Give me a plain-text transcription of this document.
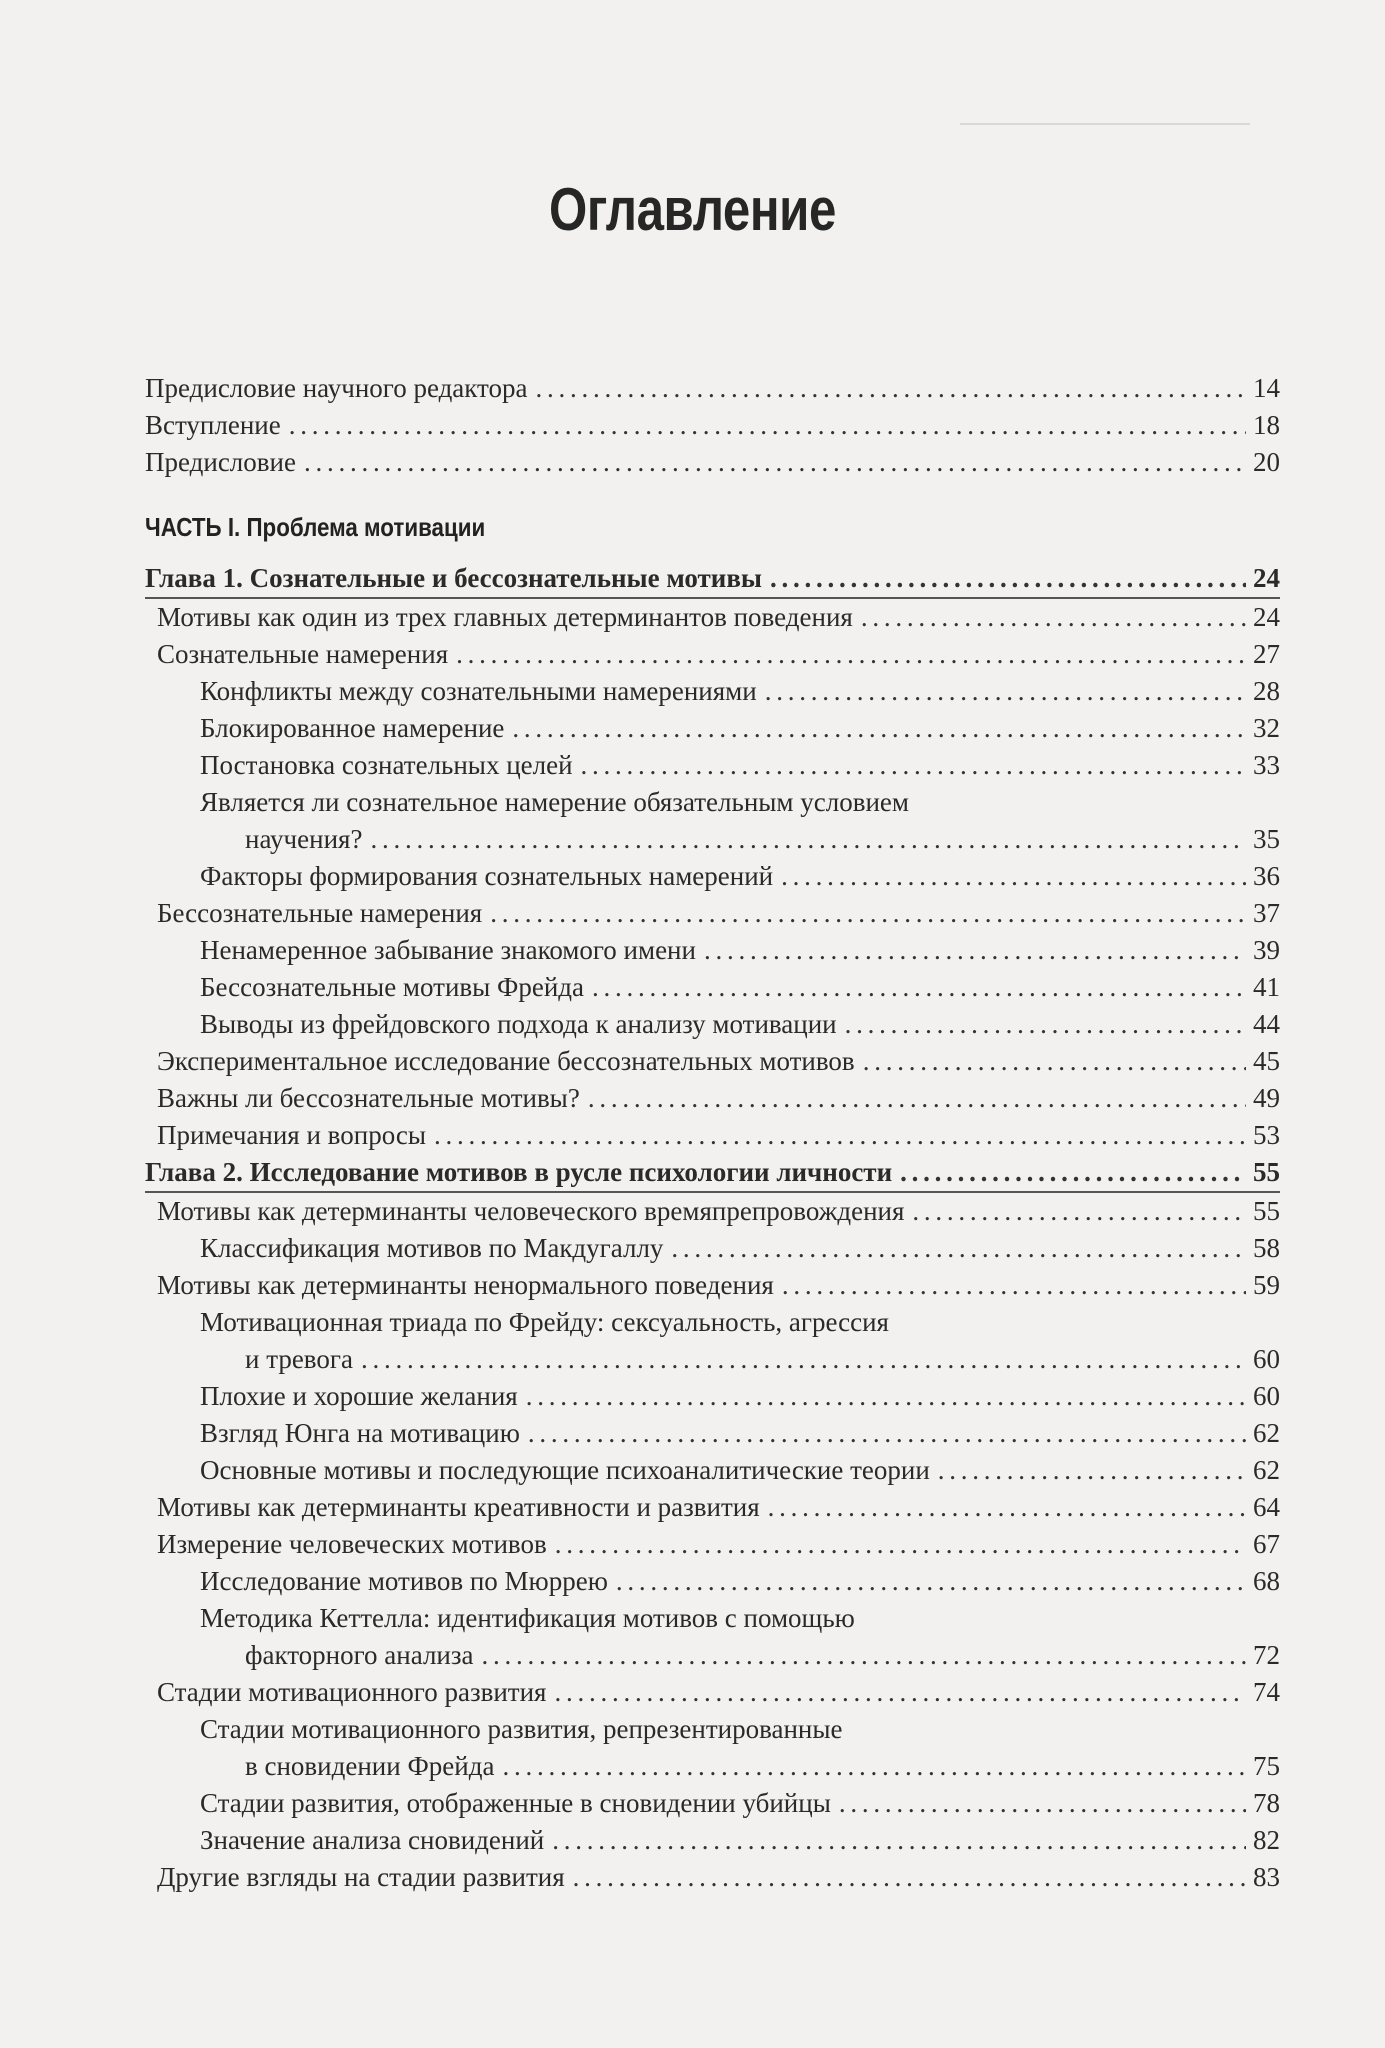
Оглавление
Предисловие научного редактора . . .	14
Вступление . . .	18
Предисловие . . .	20
ЧАСТЬ I. Проблема мотивации
Глава 1. Сознательные и бессознательные мотивы . . .	24
Мотивы как один из трех главных детерминантов поведения . . .	24
Сознательные намерения . . .	27
Конфликты между сознательными намерениями . . .	28
Блокированное намерение . . .	32
Постановка сознательных целей . . .	33
Является ли сознательное намерение обязательным условием
научения? . . .	35
Факторы формирования сознательных намерений . . .	36
Бессознательные намерения . . .	37
Ненамеренное забывание знакомого имени . . .	39
Бессознательные мотивы Фрейда . . .	41
Выводы из фрейдовского подхода к анализу мотивации . . .	44
Экспериментальное исследование бессознательных мотивов . . .	45
Важны ли бессознательные мотивы? . . .	49
Примечания и вопросы . . .	53
Глава 2. Исследование мотивов в русле психологии личности . . .	55
Мотивы как детерминанты человеческого времяпрепровождения . . .	55
Классификация мотивов по Макдугаллу . . .	58
Мотивы как детерминанты ненормального поведения . . .	59
Мотивационная триада по Фрейду: сексуальность, агрессия
и тревога . . .	60
Плохие и хорошие желания . . .	60
Взгляд Юнга на мотивацию . . .	62
Основные мотивы и последующие психоаналитические теории . . .	62
Мотивы как детерминанты креативности и развития . . .	64
Измерение человеческих мотивов . . .	67
Исследование мотивов по Мюррею . . .	68
Методика Кеттелла: идентификация мотивов с помощью
факторного анализа . . .	72
Стадии мотивационного развития . . .	74
Стадии мотивационного развития, репрезентированные
в сновидении Фрейда . . .	75
Стадии развития, отображенные в сновидении убийцы . . .	78
Значение анализа сновидений . . .	82
Другие взгляды на стадии развития . . .	83
